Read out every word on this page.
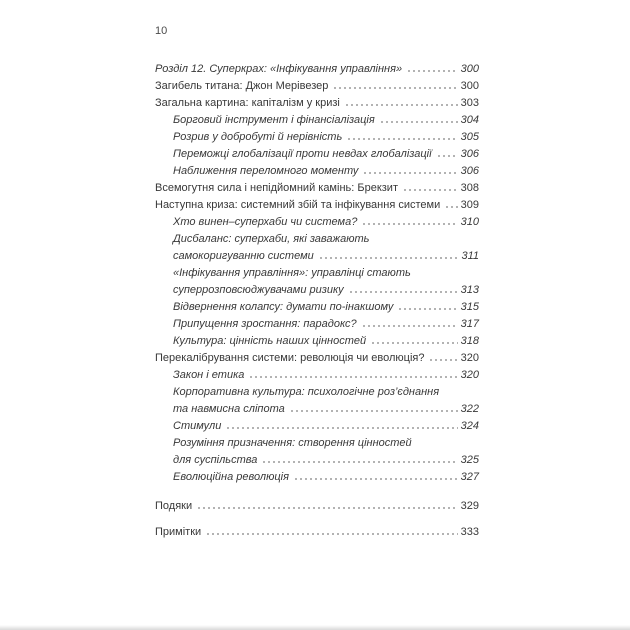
10
Розділ 12. Суперкрах: «Інфікування управління»	300
Загибель титана: Джон Мерівезер	300
Загальна картина: капіталізм у кризі	303
Борговий інструмент і фінансіалізація	304
Розрив у добробуті й нерівність	305
Переможці глобалізації проти невдах глобалізації	306
Наближення переломного моменту	306
Всемогутня сила і непідйомний камінь: Брекзит	308
Наступна криза: системний збій та інфікування системи 309
Хто винен–суперхаби чи система?	310
Дисбаланс: суперхаби, які заважають
самокоригуванню системи	311
«Інфікування управління»: управлінці стають
суперрозповсюджувачами ризику	313
Відвернення колапсу: думати по-інакшому	315
Припущення зростання: парадокс?	317
Культура: цінність наших цінностей	318
Перекалібрування системи: революція чи еволюція?	320
Закон і етика	320
Корпоративна культура: психологічне роз’єднання
та навмисна сліпота	322
Стимули	324
Розуміння призначення: створення цінностей
для суспільства	325
Еволюційна революція	327
Подяки	329
Примітки	333
